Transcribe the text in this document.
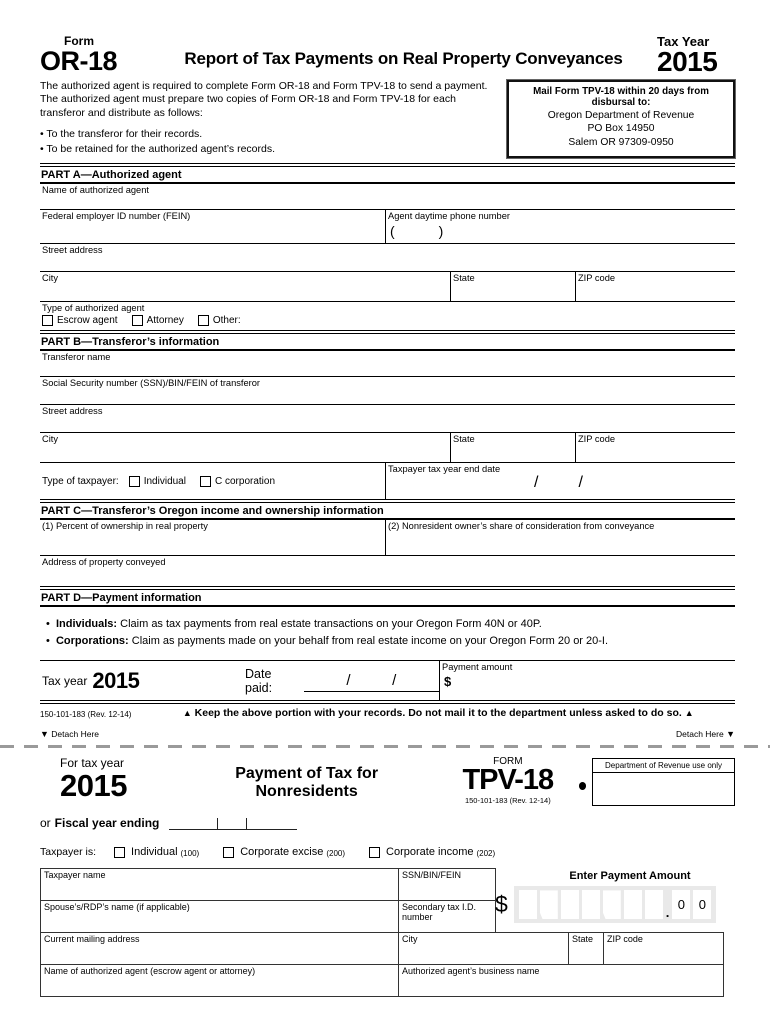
Form
OR-18	Report of Tax Payments on Real Property Conveyances
Tax Year
2015
The authorized agent is required to complete Form OR-18 and Form TPV-18 to send a payment. The authorized agent must prepare two copies of Form OR-18 and Form TPV-18 for each transferor and distribute as follows:
• To the transferor for their records.
• To be retained for the authorized agent’s records.
Mail Form TPV-18 within 20 days from disbursal to:
Oregon Department of Revenue
PO Box 14950
Salem OR 97309-0950
PART A—Authorized agent
Name of authorized agent
Federal employer ID number (FEIN)	Agent daytime phone number
(	)
Street address
City	State	ZIP code
Type of authorized agent
Escrow agent	Attorney	Other:
PART B—Transferor’s information
Transferor name
Social Security number (SSN)/BIN/FEIN of transferor
Street address
City	State	ZIP code
Type of taxpayer:	Individual	C corporation
Taxpayer tax year end date
//
PART C—Transferor’s Oregon income and ownership information
(1) Percent of ownership in real property	(2) Nonresident owner’s share of consideration from conveyance
Address of property conveyed
PART D—Payment information
•  Individuals: Claim as tax payments from real estate transactions on your Oregon Form 40N or 40P.
•  Corporations: Claim as payments made on your behalf from real estate income on your Oregon Form 20 or 20-I.
Tax year 2015	Date paid:	/          /
Payment amount
$
150-101-183 (Rev. 12-14)	▲ Keep the above portion with your records. Do not mail it to the department unless asked to do so. ▲
▼ Detach Here	Detach Here ▼
For tax year
2015	Payment of Tax for Nonresidents
FORM
TPV-18
150-101-183 (Rev. 12-14)
Department of Revenue use only
or Fiscal year ending
Taxpayer is:	Individual (100)	Corporate excise (200)	Corporate income (202)
Taxpayer name	SSN/BIN/FEIN
Spouse’s/RDP’s name (if applicable)	Secondary tax I.D. number
Current mailing address	City	State	ZIP code
Name of authorized agent (escrow agent or attorney)	Authorized agent’s business name		
Enter Payment Amount
$	. 0	0
